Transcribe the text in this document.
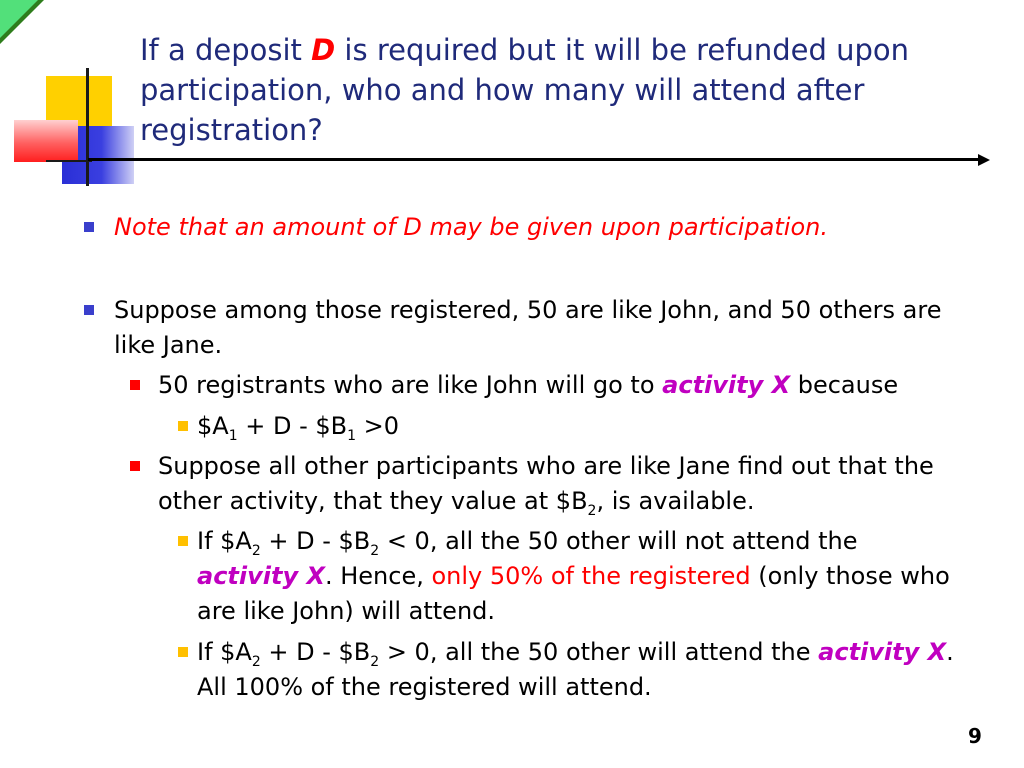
If a deposit D is required but it will be refunded upon participation, who and how many will attend after registration?
Note that an amount of D may be given upon participation.
Suppose among those registered, 50 are like John, and 50 others are like Jane.
50 registrants who are like John will go to activity X because
$\$A_1 + D$ - $\$B_1 >0$
Suppose all other participants who are like Jane find out that the other activity, that they value at $\$B_2$, is available.
If $\$A_2 + D$ - $\$B_2 < 0$, all the 50 other will not attend the activity X. Hence, only 50% of the registered (only those who are like John) will attend.
If $\$A_2 + D$ - $\$B_2 > 0$, all the 50 other will attend the activity X. All 100% of the registered will attend.
9
